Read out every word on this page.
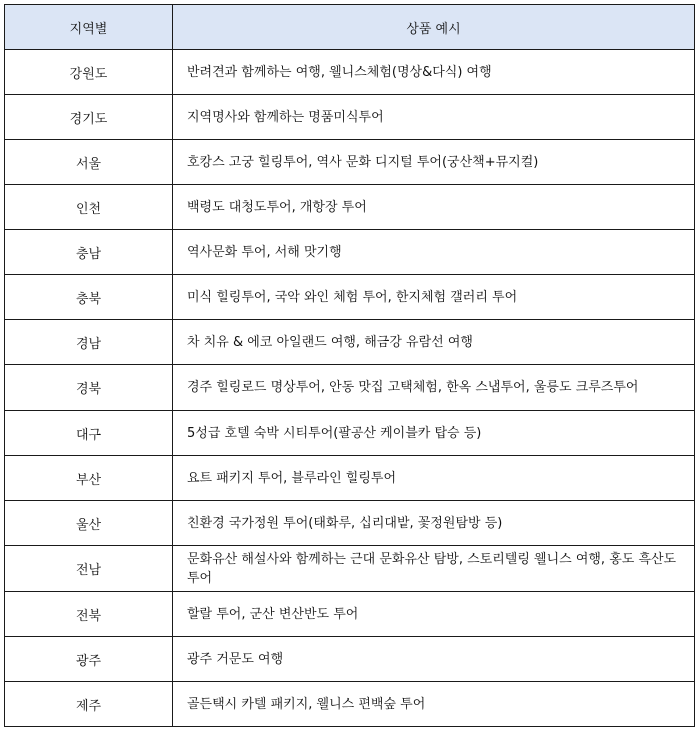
지역별	상품 예시
강원도	반려견과 함께하는 여행, 웰니스체험(명상&다식) 여행
경기도	지역명사와 함께하는 명품미식투어
서울	호캉스 고궁 힐링투어, 역사 문화 디지털 투어(궁산책+뮤지컬)
인천	백령도 대청도투어, 개항장 투어
충남	역사문화 투어, 서해 맛기행
충북	미식 힐링투어, 국악 와인 체험 투어, 한지체험 갤러리 투어
경남	차 치유 & 에코 아일랜드 여행, 해금강 유람선 여행
경북	경주 힐링로드 명상투어, 안동 맛집 고택체험, 한옥 스냅투어, 울릉도 크루즈투어
대구	5성급 호텔 숙박 시티투어(팔공산 케이블카 탑승 등)
부산	요트 패키지 투어, 블루라인 힐링투어
울산	친환경 국가정원 투어(태화루, 십리대밭, 꽃정원탐방 등)
전남	문화유산 해설사와 함께하는 근대 문화유산 탐방, 스토리텔링 웰니스 여행, 홍도 흑산도 투어
전북	할랄 투어, 군산 변산반도 투어
광주	광주 거문도 여행
제주	골든택시 카텔 패키지, 웰니스 편백숲 투어
